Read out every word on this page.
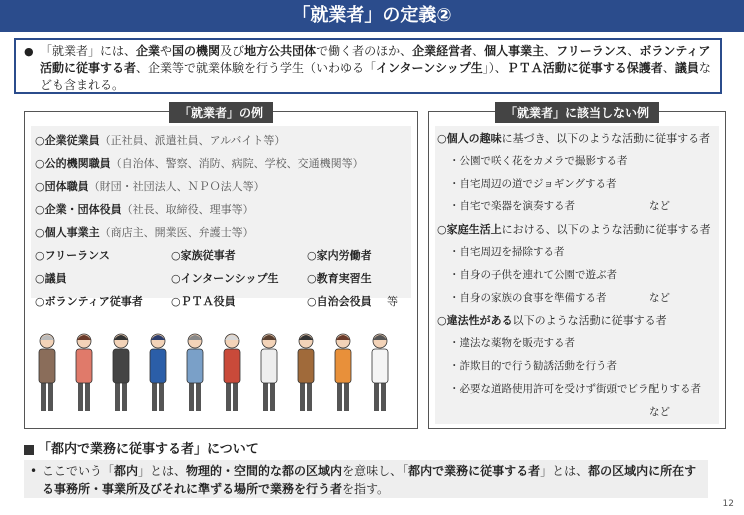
「就業者」の定義②
● 「就業者」には、企業や国の機関及び地方公共団体で働く者のほか、企業経営者、個人事業主、フリーランス、ボランティア活動に従事する者、企業等で就業体験を行う学生（いわゆる「インターンシップ生」）、ＰＴＡ活動に従事する保護者、議員なども含まれる。
「就業者」の例
○企業従業員（正社員、派遣社員、アルバイト等）
○公的機関職員（自治体、警察、消防、病院、学校、交通機関等）
○団体職員（財団・社団法人、ＮＰＯ法人等）
○企業・団体役員（社長、取締役、理事等）
○個人事業主（商店主、開業医、弁護士等）
○フリーランス	○家族従事者	○家内労働者
○議員	○インターンシップ生	○教育実習生
○ボランティア従事者	○ＰＴＡ役員	○自治会役員 等
「就業者」に該当しない例
○個人の趣味に基づき、以下のような活動に従事する者
・公園で咲く花をカメラで撮影する者
・自宅周辺の道でジョギングする者
・自宅で楽器を演奏する者	など
○家庭生活上における、以下のような活動に従事する者
・自宅周辺を掃除する者
・自身の子供を連れて公園で遊ぶ者
・自身の家族の食事を準備する者	など
○違法性がある以下のような活動に従事する者
・違法な薬物を販売する者
・詐欺目的で行う勧誘活動を行う者
・必要な道路使用許可を受けず街頭でビラ配りする者
など
「都内で業務に従事する者」について
• ここでいう「都内」とは、物理的・空間的な都の区域内を意味し、「都内で業務に従事する者」とは、都の区域内に所在する事務所・事業所及びそれに準ずる場所で業務を行う者を指す。
12
